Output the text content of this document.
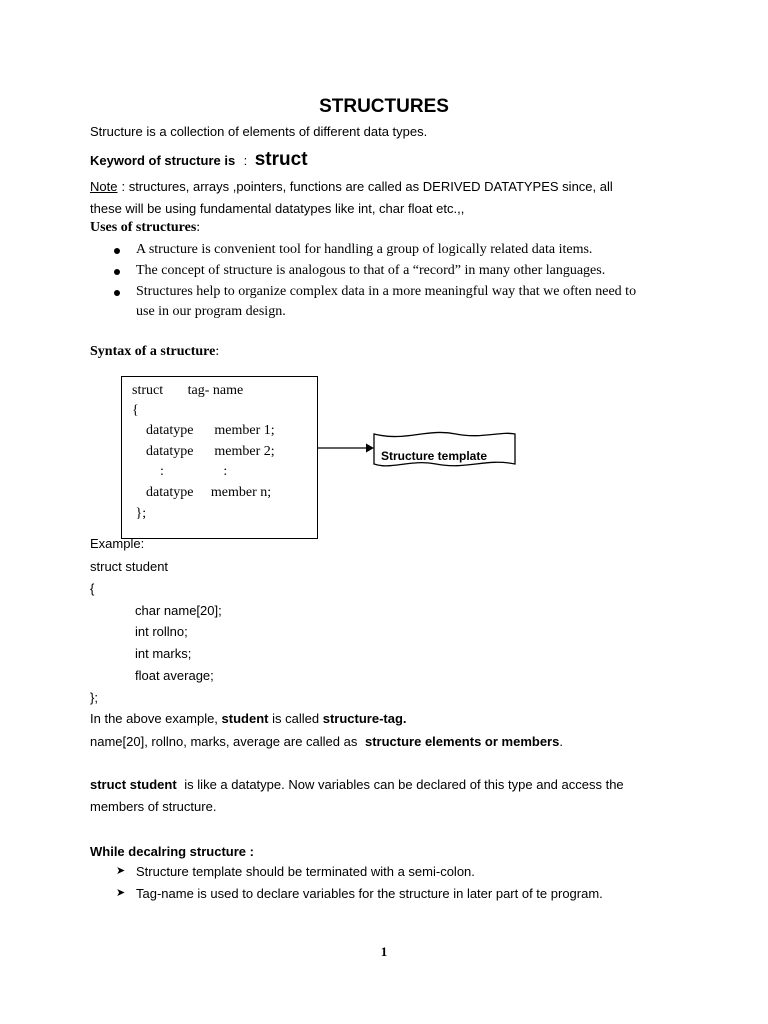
STRUCTURES
Structure is a collection of elements of different data types.
Keyword of structure is : struct
Note : structures, arrays ,pointers, functions are called as DERIVED DATATYPES since, all
these will be using fundamental datatypes like int, char float etc.,,
Uses of structures:
A structure is convenient tool for handling a group of logically related data items.
The concept of structure is analogous to that of a “record” in many other languages.
Structures help to organize complex data in a more meaningful way that we often need to
use in our program design.
Syntax of a structure:
struct       tag- name
{
datatype      member 1;
datatype      member 2;
:                 :
datatype     member n;
};
Structure template
Example:
struct student
{
char name[20];
int rollno;
int marks;
float average;
};
In the above example, student is called structure-tag.
name[20], rollno, marks, average are called as structure elements or members.
struct student is like a datatype. Now variables can be declared of this type and access the
members of structure.
While decalring structure :
➤ Structure template should be terminated with a semi-colon.
➤ Tag-name is used to declare variables for the structure in later part of te program.
1
